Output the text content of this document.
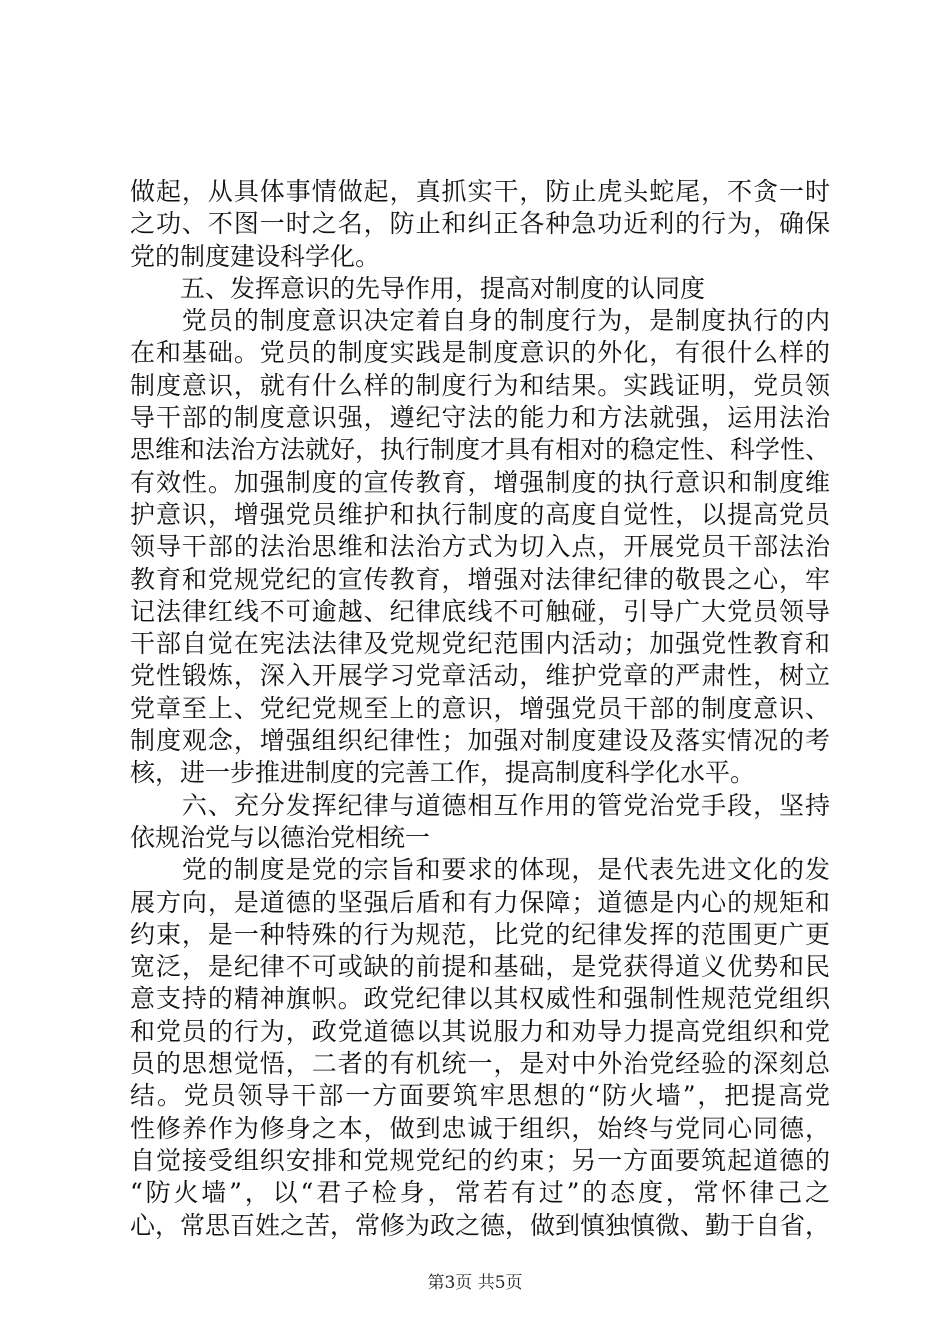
做起，从具体事情做起，真抓实干，防止虎头蛇尾，不贪一时
之功、不图一时之名，防止和纠正各种急功近利的行为，确保
党的制度建设科学化。
　　五、发挥意识的先导作用，提高对制度的认同度
　　党员的制度意识决定着自身的制度行为，是制度执行的内
在和基础。党员的制度实践是制度意识的外化，有很什么样的
制度意识，就有什么样的制度行为和结果。实践证明，党员领
导干部的制度意识强，遵纪守法的能力和方法就强，运用法治
思维和法治方法就好，执行制度才具有相对的稳定性、科学性、
有效性。加强制度的宣传教育，增强制度的执行意识和制度维
护意识，增强党员维护和执行制度的高度自觉性，以提高党员
领导干部的法治思维和法治方式为切入点，开展党员干部法治
教育和党规党纪的宣传教育，增强对法律纪律的敬畏之心，牢
记法律红线不可逾越、纪律底线不可触碰，引导广大党员领导
干部自觉在宪法法律及党规党纪范围内活动；加强党性教育和
党性锻炼，深入开展学习党章活动，维护党章的严肃性，树立
党章至上、党纪党规至上的意识，增强党员干部的制度意识、
制度观念，增强组织纪律性；加强对制度建设及落实情况的考
核，进一步推进制度的完善工作，提高制度科学化水平。
　　六、充分发挥纪律与道德相互作用的管党治党手段，坚持
依规治党与以德治党相统一
　　党的制度是党的宗旨和要求的体现，是代表先进文化的发
展方向，是道德的坚强后盾和有力保障；道德是内心的规矩和
约束，是一种特殊的行为规范，比党的纪律发挥的范围更广更
宽泛，是纪律不可或缺的前提和基础，是党获得道义优势和民
意支持的精神旗帜。政党纪律以其权威性和强制性规范党组织
和党员的行为，政党道德以其说服力和劝导力提高党组织和党
员的思想觉悟，二者的有机统一，是对中外治党经验的深刻总
结。党员领导干部一方面要筑牢思想的“防火墙”，把提高党
性修养作为修身之本，做到忠诚于组织，始终与党同心同德，
自觉接受组织安排和党规党纪的约束；另一方面要筑起道德的
“防火墙”，以“君子检身，常若有过”的态度，常怀律己之
心，常思百姓之苦，常修为政之德，做到慎独慎微、勤于自省，
第3页 共5页
